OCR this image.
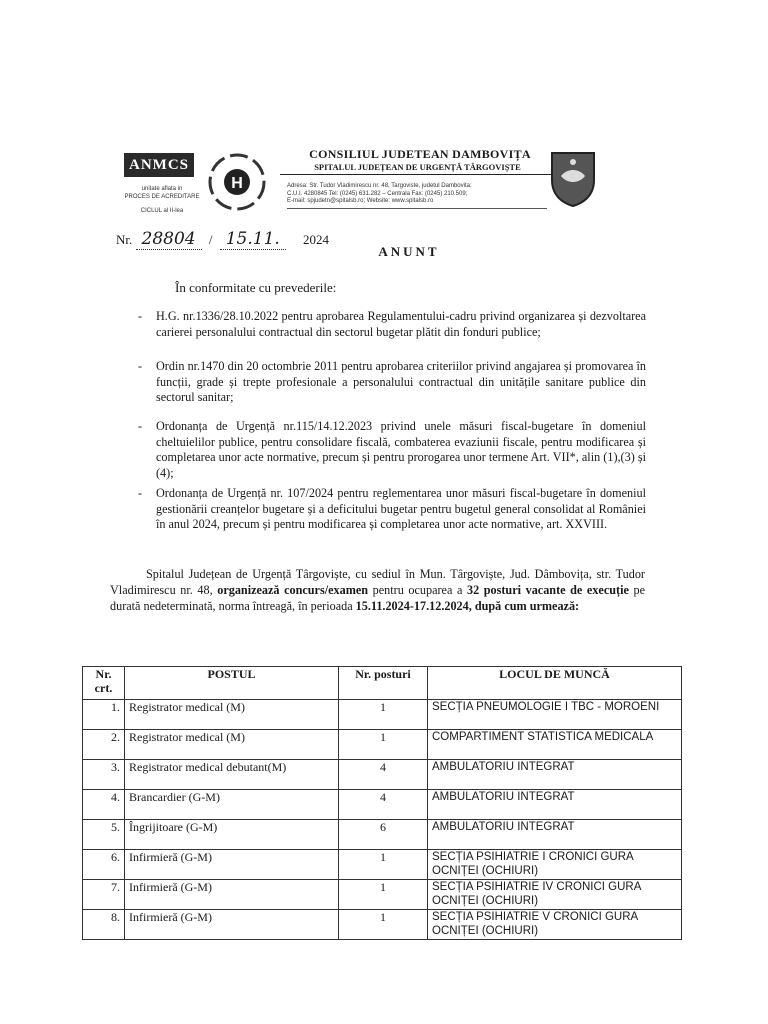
ANMCS
unitate aflata in
PROCES DE ACREDITARE
CICLUL al II-lea
H
CONSILIUL JUDETEAN DAMBOVIȚA
SPITALUL JUDEȚEAN DE URGENȚĂ TÂRGOVIȘTE
Adresa: Str. Tudor Vladimirescu nr. 48, Targoviste, judetul Dambovita;
C.U.I. 4280845 Tel: (0245) 631.282 – Centrala Fax: (0245) 210.509;
E-mail: spjudetn@spitalsb.ro; Website: www.spitalsb.ro
Nr. 28804 / 15.11. 2024
ANUNT
În conformitate cu prevederile:
- H.G. nr.1336/28.10.2022 pentru aprobarea Regulamentului-cadru privind organizarea și dezvoltarea carierei personalului contractual din sectorul bugetar plătit din fonduri publice;
- Ordin nr.1470 din 20 octombrie 2011 pentru aprobarea criteriilor privind angajarea și promovarea în funcții, grade și trepte profesionale a personalului contractual din unitățile sanitare publice din sectorul sanitar;
- Ordonanța de Urgență nr.115/14.12.2023 privind unele măsuri fiscal-bugetare în domeniul cheltuielilor publice, pentru consolidare fiscală, combaterea evaziunii fiscale, pentru modificarea și completarea unor acte normative, precum și pentru prorogarea unor termene Art. VII*, alin (1),(3) și (4);
- Ordonanța de Urgență nr. 107/2024 pentru reglementarea unor măsuri fiscal-bugetare în domeniul gestionării creanțelor bugetare și a deficitului bugetar pentru bugetul general consolidat al României în anul 2024, precum și pentru modificarea și completarea unor acte normative, art. XXVIII.
Spitalul Județean de Urgență Târgoviște, cu sediul în Mun. Târgoviște, Jud. Dâmbovița, str. Tudor Vladimirescu nr. 48, organizează concurs/examen pentru ocuparea a 32 posturi vacante de execuție pe durată nedeterminată, norma întreagă, în perioada 15.11.2024-17.12.2024, după cum urmează:
Nr. crt.	POSTUL	Nr. posturi	LOCUL DE MUNCĂ
1.	Registrator medical (M)	1	SECȚIA PNEUMOLOGIE I TBC - MOROENI
2.	Registrator medical (M)	1	COMPARTIMENT STATISTICA MEDICALA
3.	Registrator medical debutant(M)	4	AMBULATORIU INTEGRAT
4.	Brancardier (G-M)	4	AMBULATORIU INTEGRAT
5.	Îngrijitoare (G-M)	6	AMBULATORIU INTEGRAT
6.	Infirmieră (G-M)	1	SECȚIA PSIHIATRIE I CRONICI GURA OCNIȚEI (OCHIURI)
7.	Infirmieră (G-M)	1	SECȚIA PSIHIATRIE IV CRONICI GURA OCNIȚEI (OCHIURI)
8.	Infirmieră (G-M)	1	SECȚIA PSIHIATRIE V CRONICI GURA OCNIȚEI (OCHIURI)
